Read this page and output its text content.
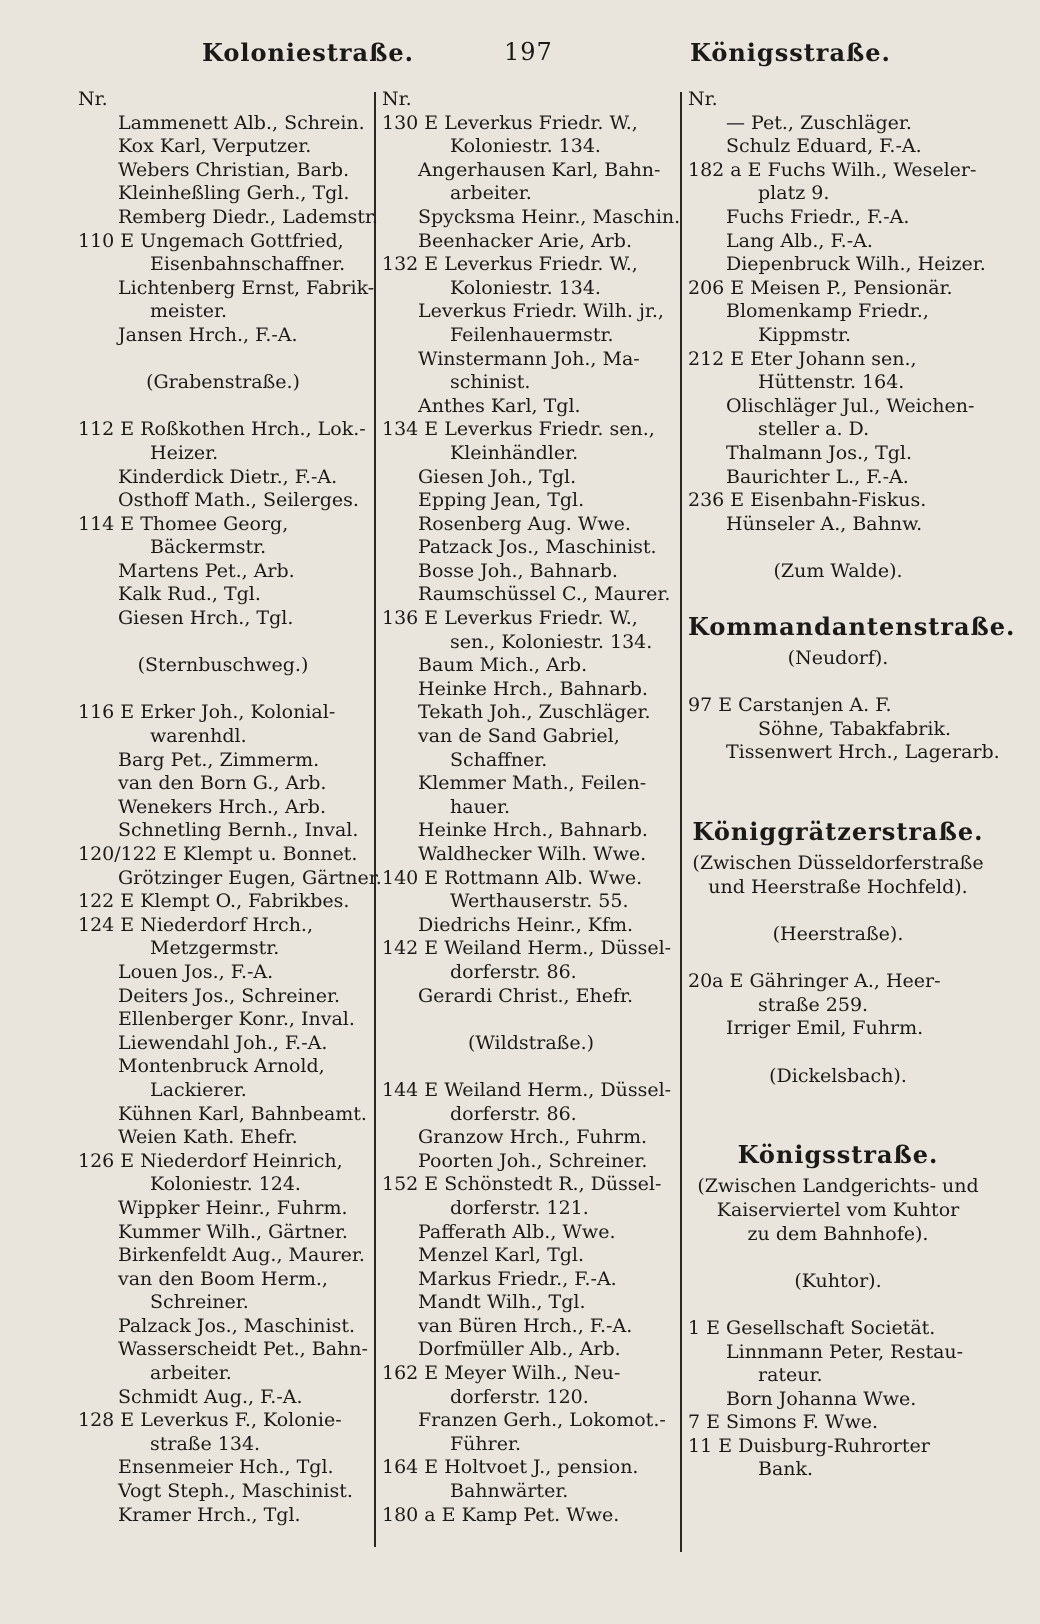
Koloniestraße.	197	Königsstraße.
Nr.
Lammenett Alb., Schrein.
Kox Karl, Verputzer.
Webers Christian, Barb.
Kleinheßling Gerh., Tgl.
Remberg Diedr., Lademstr.
110 E Ungemach Gottfried,
Eisenbahnschaffner.
Lichtenberg Ernst, Fabrik-
meister.
Jansen Hrch., F.-A.
(Grabenstraße.)
112 E Roßkothen Hrch., Lok.-
Heizer.
Kinderdick Dietr., F.-A.
Osthoff Math., Seilerges.
114 E Thomee Georg,
Bäckermstr.
Martens Pet., Arb.
Kalk Rud., Tgl.
Giesen Hrch., Tgl.
(Sternbuschweg.)
116 E Erker Joh., Kolonial-
warenhdl.
Barg Pet., Zimmerm.
van den Born G., Arb.
Wenekers Hrch., Arb.
Schnetling Bernh., Inval.
120/122 E Klempt u. Bonnet.
Grötzinger Eugen, Gärtner.
122 E Klempt O., Fabrikbes.
124 E Niederdorf Hrch.,
Metzgermstr.
Louen Jos., F.-A.
Deiters Jos., Schreiner.
Ellenberger Konr., Inval.
Liewendahl Joh., F.-A.
Montenbruck Arnold,
Lackierer.
Kühnen Karl, Bahnbeamt.
Weien Kath. Ehefr.
126 E Niederdorf Heinrich,
Koloniestr. 124.
Wippker Heinr., Fuhrm.
Kummer Wilh., Gärtner.
Birkenfeldt Aug., Maurer.
van den Boom Herm.,
Schreiner.
Palzack Jos., Maschinist.
Wasserscheidt Pet., Bahn-
arbeiter.
Schmidt Aug., F.-A.
128 E Leverkus F., Kolonie-
straße 134.
Ensenmeier Hch., Tgl.
Vogt Steph., Maschinist.
Kramer Hrch., Tgl.
Nr.
130 E Leverkus Friedr. W.,
Koloniestr. 134.
Angerhausen Karl, Bahn-
arbeiter.
Spycksma Heinr., Maschin.
Beenhacker Arie, Arb.
132 E Leverkus Friedr. W.,
Koloniestr. 134.
Leverkus Friedr. Wilh. jr.,
Feilenhauermstr.
Winstermann Joh., Ma-
schinist.
Anthes Karl, Tgl.
134 E Leverkus Friedr. sen.,
Kleinhändler.
Giesen Joh., Tgl.
Epping Jean, Tgl.
Rosenberg Aug. Wwe.
Patzack Jos., Maschinist.
Bosse Joh., Bahnarb.
Raumschüssel C., Maurer.
136 E Leverkus Friedr. W.,
sen., Koloniestr. 134.
Baum Mich., Arb.
Heinke Hrch., Bahnarb.
Tekath Joh., Zuschläger.
van de Sand Gabriel,
Schaffner.
Klemmer Math., Feilen-
hauer.
Heinke Hrch., Bahnarb.
Waldhecker Wilh. Wwe.
140 E Rottmann Alb. Wwe.
Werthauserstr. 55.
Diedrichs Heinr., Kfm.
142 E Weiland Herm., Düssel-
dorferstr. 86.
Gerardi Christ., Ehefr.
(Wildstraße.)
144 E Weiland Herm., Düssel-
dorferstr. 86.
Granzow Hrch., Fuhrm.
Poorten Joh., Schreiner.
152 E Schönstedt R., Düssel-
dorferstr. 121.
Pafferath Alb., Wwe.
Menzel Karl, Tgl.
Markus Friedr., F.-A.
Mandt Wilh., Tgl.
van Büren Hrch., F.-A.
Dorfmüller Alb., Arb.
162 E Meyer Wilh., Neu-
dorferstr. 120.
Franzen Gerh., Lokomot.-
Führer.
164 E Holtvoet J., pension.
Bahnwärter.
180 a E Kamp Pet. Wwe.
Nr.
— Pet., Zuschläger.
Schulz Eduard, F.-A.
182 a E Fuchs Wilh., Weseler-
platz 9.
Fuchs Friedr., F.-A.
Lang Alb., F.-A.
Diepenbruck Wilh., Heizer.
206 E Meisen P., Pensionär.
Blomenkamp Friedr.,
Kippmstr.
212 E Eter Johann sen.,
Hüttenstr. 164.
Olischläger Jul., Weichen-
steller a. D.
Thalmann Jos., Tgl.
Baurichter L., F.-A.
236 E Eisenbahn-Fiskus.
Hünseler A., Bahnw.
(Zum Walde).
Kommandantenstraße.
(Neudorf).
97 E Carstanjen A. F.
Söhne, Tabakfabrik.
Tissenwert Hrch., Lagerarb.
Königgrätzerstraße.
(Zwischen Düsseldorferstraße
und Heerstraße Hochfeld).
(Heerstraße).
20a E Gähringer A., Heer-
straße 259.
Irriger Emil, Fuhrm.
(Dickelsbach).
Königsstraße.
(Zwischen Landgerichts- und
Kaiserviertel vom Kuhtor
zu dem Bahnhofe).
(Kuhtor).
1 E Gesellschaft Societät.
Linnmann Peter, Restau-
rateur.
Born Johanna Wwe.
7 E Simons F. Wwe.
11 E Duisburg-Ruhrorter
Bank.
